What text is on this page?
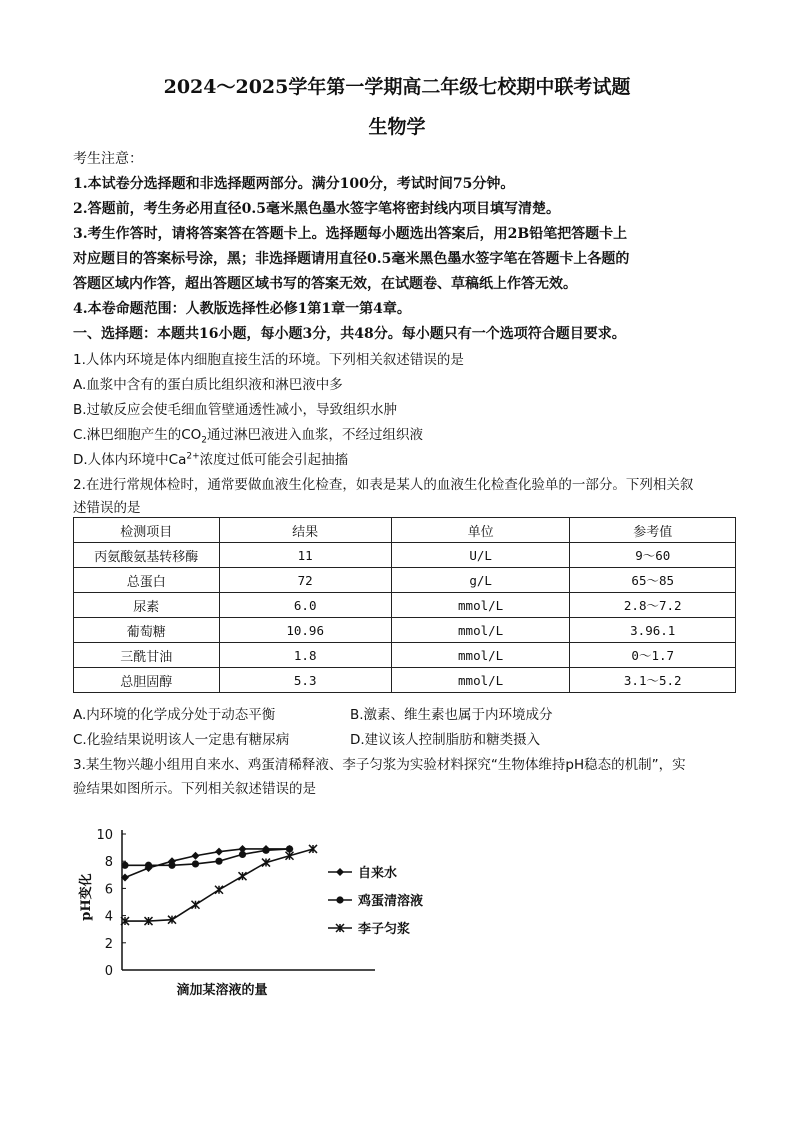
2024～2025学年第一学期高二年级七校期中联考试题
生物学
考生注意：
1.本试卷分选择题和非选择题两部分。满分100分，考试时间75分钟。
2.答题前，考生务必用直径0.5毫米黑色墨水签字笔将密封线内项目填写清楚。
3.考生作答时，请将答案答在答题卡上。选择题每小题选出答案后，用2B铅笔把答题卡上
对应题目的答案标号涂，黑；非选择题请用直径0.5毫米黑色墨水签字笔在答题卡上各题的
答题区域内作答，超出答题区域书写的答案无效，在试题卷、草稿纸上作答无效。
4.本卷命题范围：人教版选择性必修1第1章一第4章。
一、选择题：本题共16小题，每小题3分，共48分。每小题只有一个选项符合题目要求。
1.人体内环境是体内细胞直接生活的环境。下列相关叙述错误的是
A.血浆中含有的蛋白质比组织液和淋巴液中多
B.过敏反应会使毛细血管壁通透性减小，导致组织水肿
C.淋巴细胞产生的$CO_2$通过淋巴液进入血浆，不经过组织液
D.人体内环境中$Ca^{2+}$浓度过低可能会引起抽搐
2.在进行常规体检时，通常要做血液生化检查，如表是某人的血液生化检查化验单的一部分。下列相关叙
述错误的是
检测项目	结果	单位	参考值
丙氨酸氨基转移酶	11	U/L	9～60
总蛋白	72	g/L	65～85
尿素	6.0	mmol/L	2.8～7.2
葡萄糖	10.96	mmol/L	3.96.1
三酰甘油	1.8	mmol/L	0～1.7
总胆固醇	5.3	mmol/L	3.1～5.2
A.内环境的化学成分处于动态平衡	B.激素、维生素也属于内环境成分
C.化验结果说明该人一定患有糖尿病	D.建议该人控制脂肪和糖类摄入
3.某生物兴趣小组用自来水、鸡蛋清稀释液、李子匀浆为实验材料探究“生物体维持pH稳态的机制”，实
验结果如图所示。下列相关叙述错误的是
0
2
4
6
8
10
pH变化
滴加某溶液的量
自来水
鸡蛋清溶液
李子匀浆
